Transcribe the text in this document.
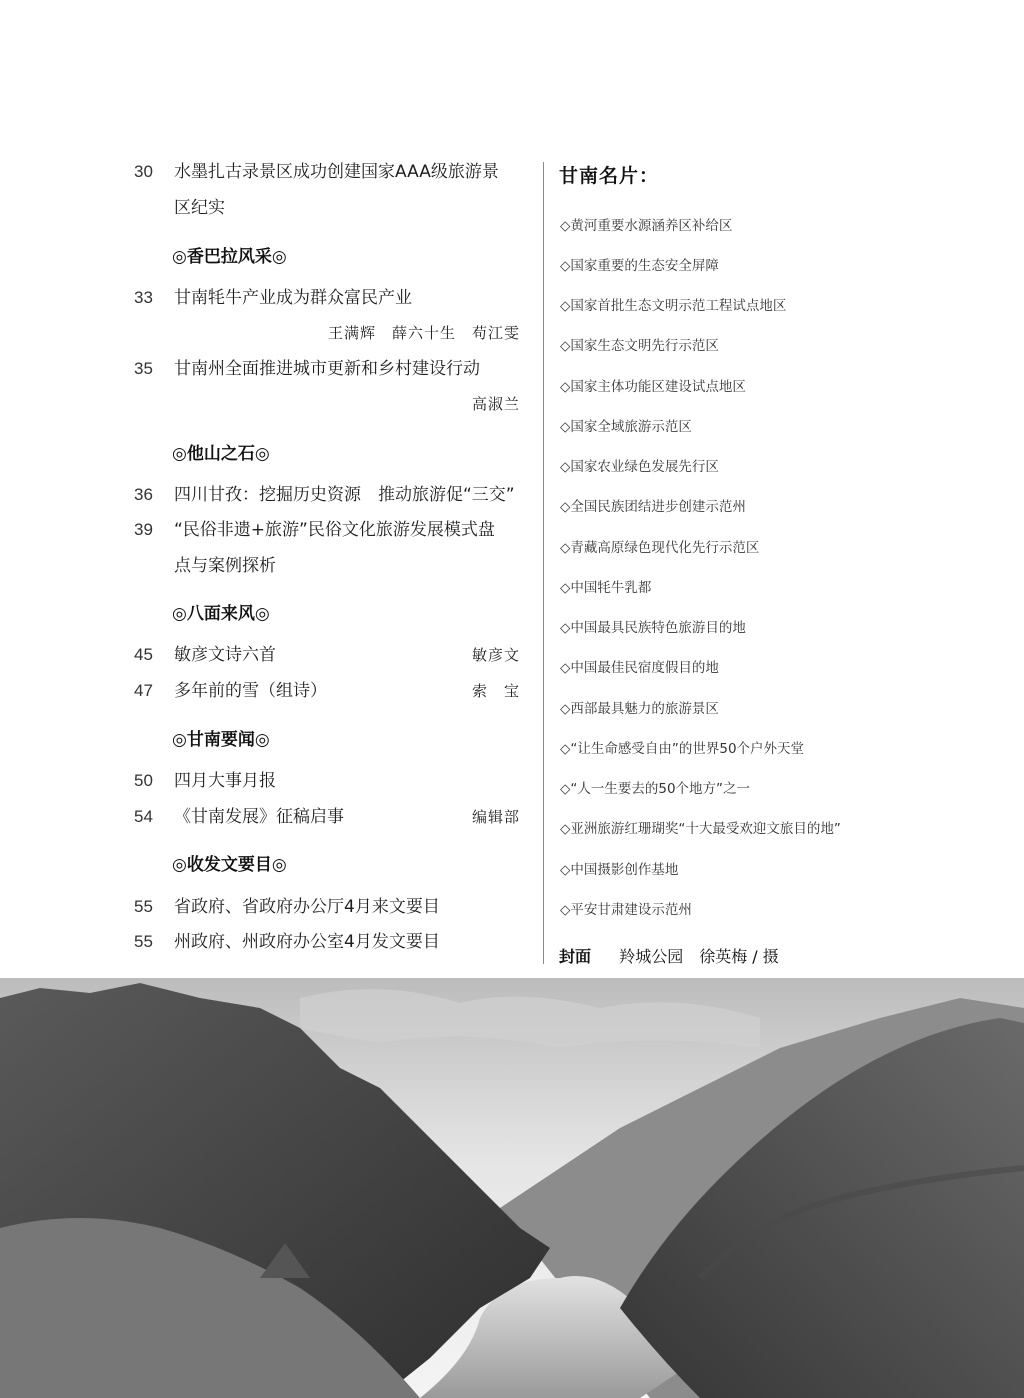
30	水墨扎古录景区成功创建国家AAA级旅游景
区纪实
◎香巴拉风采◎
33	甘南牦牛产业成为群众富民产业
王满辉　薛六十生　苟江雯
35	甘南州全面推进城市更新和乡村建设行动
高淑兰
◎他山之石◎
36	四川甘孜：挖掘历史资源　推动旅游促“三交”
39	“民俗非遗+旅游”民俗文化旅游发展模式盘
点与案例探析
◎八面来风◎
45	敏彦文诗六首	敏彦文
47	多年前的雪（组诗）	索　宝
◎甘南要闻◎
50	四月大事月报
54	《甘南发展》征稿启事	编辑部
◎收发文要目◎
55	省政府、省政府办公厅4月来文要目
55	州政府、州政府办公室4月发文要目
甘南名片：
◇黄河重要水源涵养区补给区
◇国家重要的生态安全屏障
◇国家首批生态文明示范工程试点地区
◇国家生态文明先行示范区
◇国家主体功能区建设试点地区
◇国家全域旅游示范区
◇国家农业绿色发展先行区
◇全国民族团结进步创建示范州
◇青藏高原绿色现代化先行示范区
◇中国牦牛乳都
◇中国最具民族特色旅游目的地
◇中国最佳民宿度假目的地
◇西部最具魅力的旅游景区
◇“让生命感受自由”的世界50个户外天堂
◇“人一生要去的50个地方”之一
◇亚洲旅游红珊瑚奖“十大最受欢迎文旅目的地”
◇中国摄影创作基地
◇平安甘肃建设示范州
封面 羚城公园　徐英梅 / 摄
